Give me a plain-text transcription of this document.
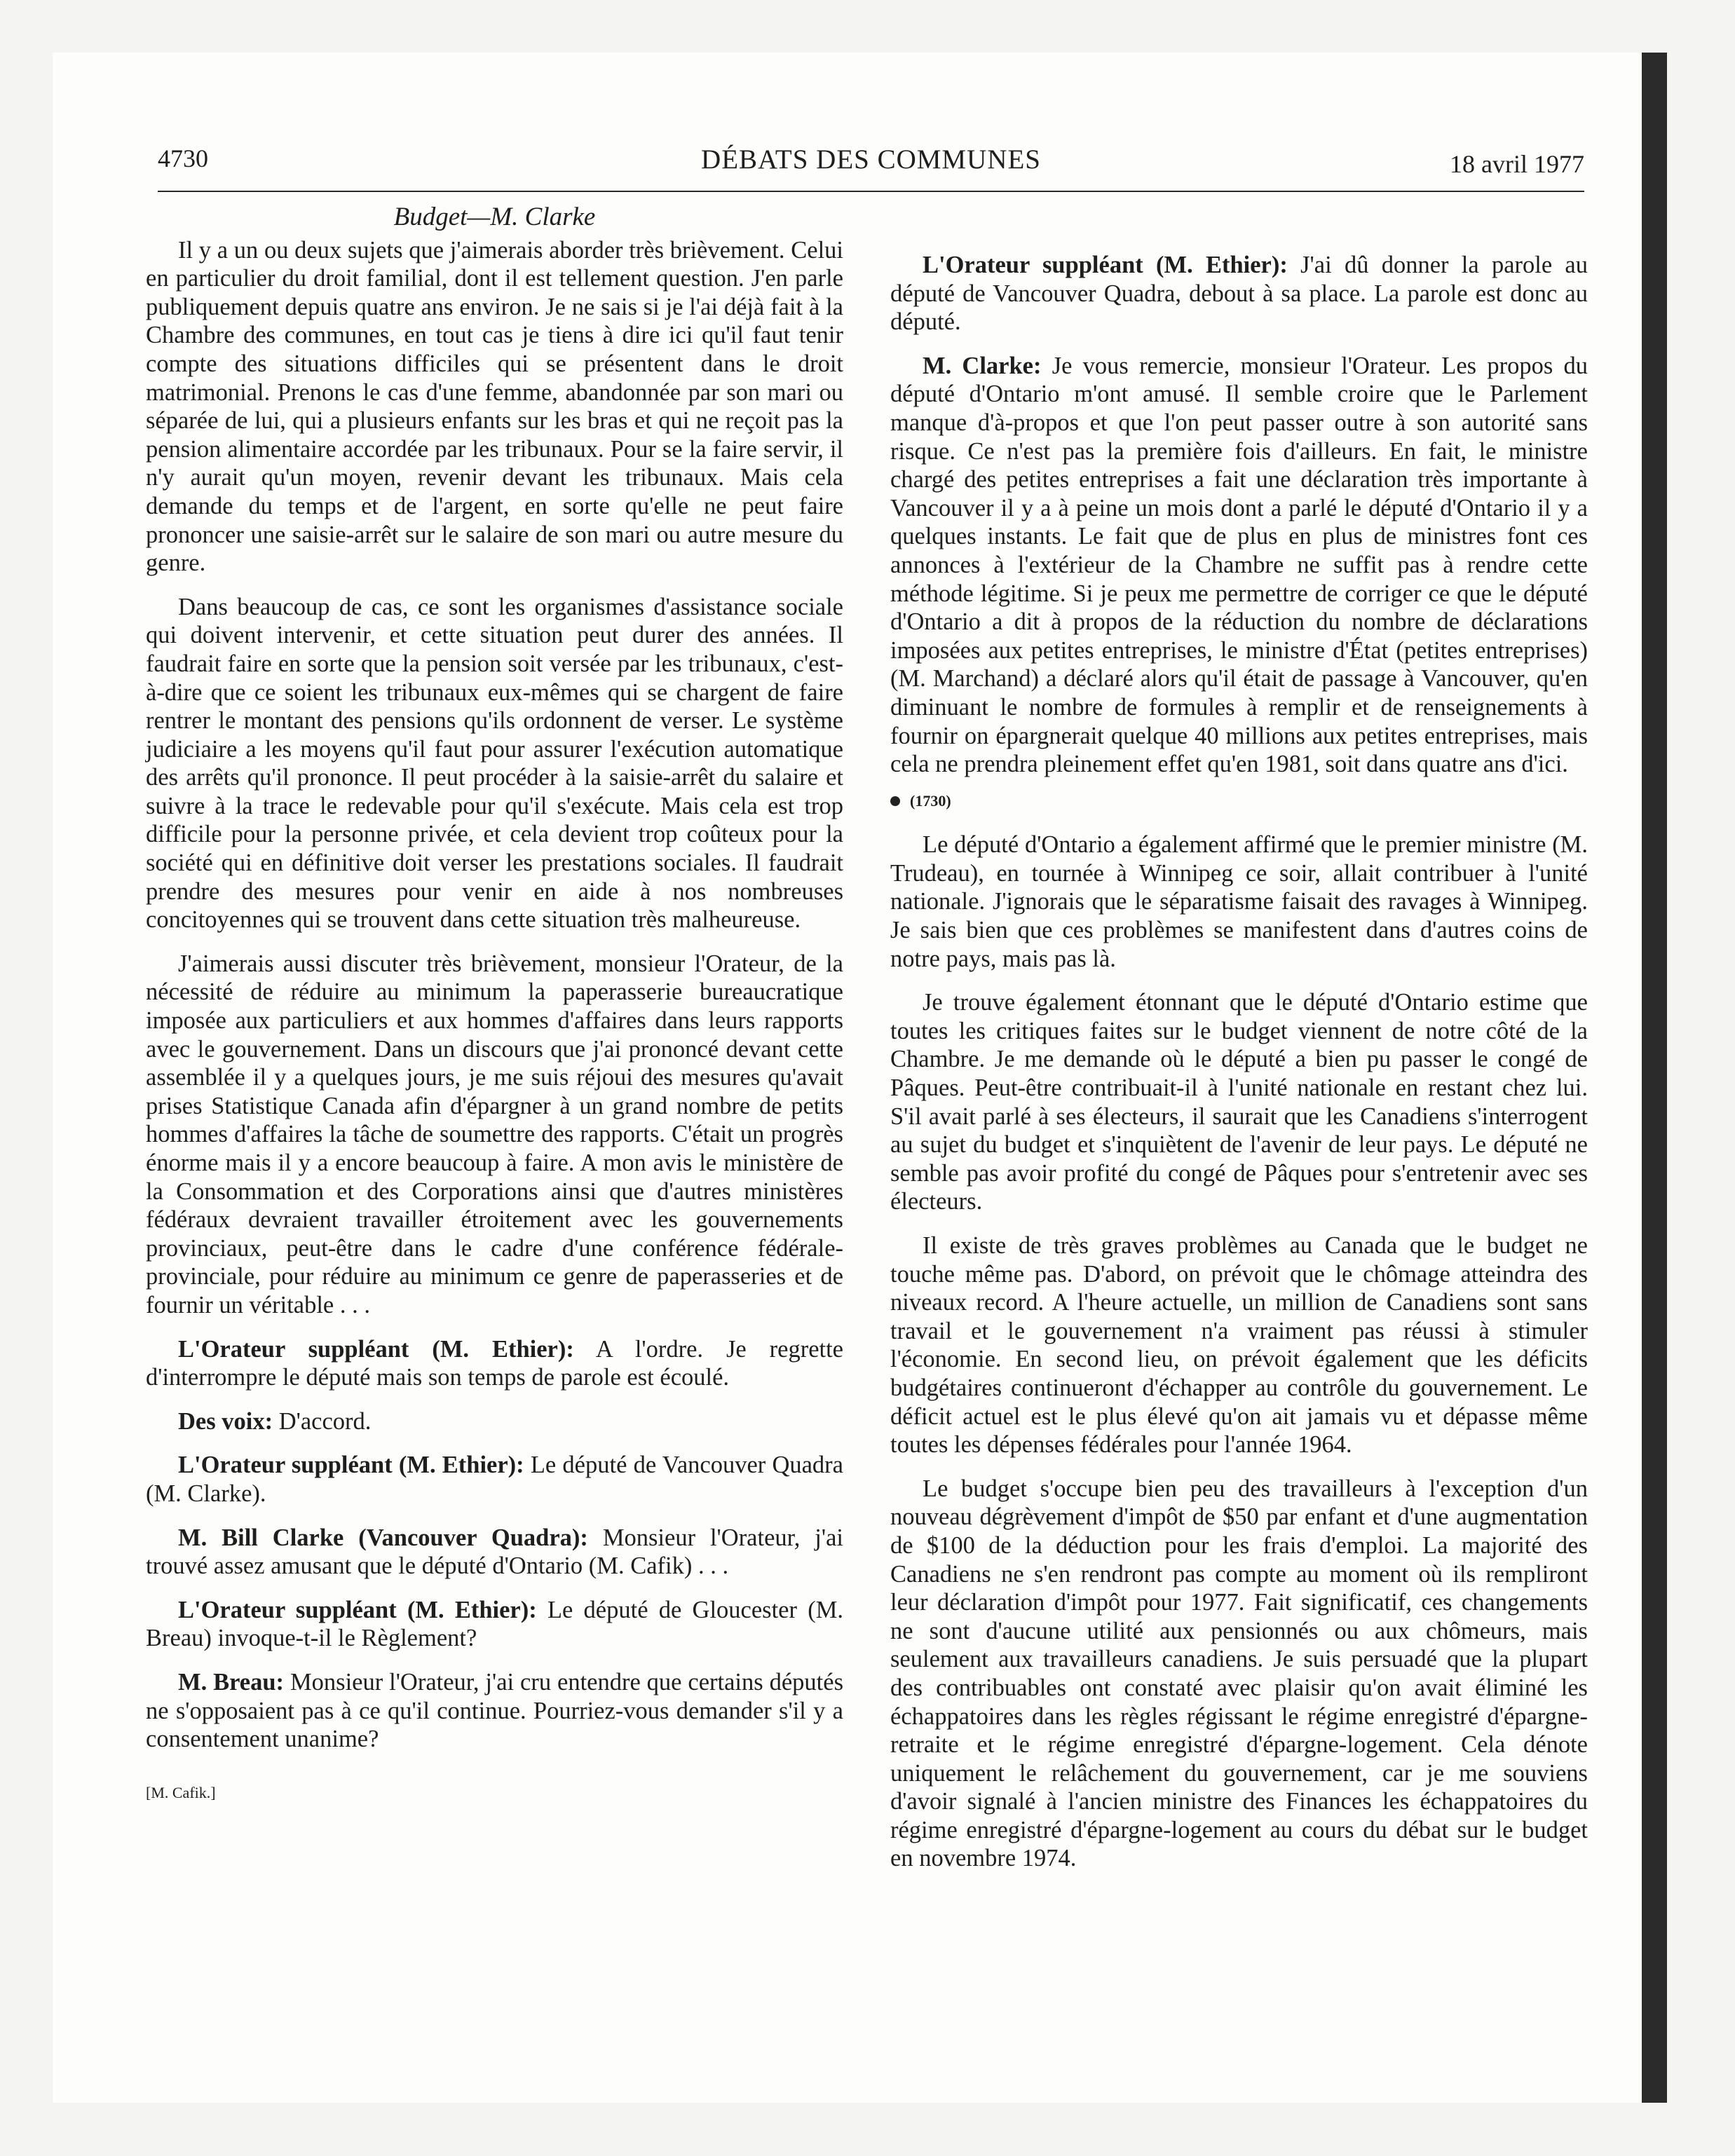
4730	DÉBATS DES COMMUNES	18 avril 1977
Budget—M. Clarke

Il y a un ou deux sujets que j'aimerais aborder très brièvement. Celui en particulier du droit familial, dont il est tellement question. J'en parle publiquement depuis quatre ans environ. Je ne sais si je l'ai déjà fait à la Chambre des communes, en tout cas je tiens à dire ici qu'il faut tenir compte des situations difficiles qui se présentent dans le droit matrimonial. Prenons le cas d'une femme, abandonnée par son mari ou séparée de lui, qui a plusieurs enfants sur les bras et qui ne reçoit pas la pension alimentaire accordée par les tribunaux. Pour se la faire servir, il n'y aurait qu'un moyen, revenir devant les tribunaux. Mais cela demande du temps et de l'argent, en sorte qu'elle ne peut faire prononcer une saisie-arrêt sur le salaire de son mari ou autre mesure du genre.

Dans beaucoup de cas, ce sont les organismes d'assistance sociale qui doivent intervenir, et cette situation peut durer des années. Il faudrait faire en sorte que la pension soit versée par les tribunaux, c'est-à-dire que ce soient les tribunaux eux-mêmes qui se chargent de faire rentrer le montant des pensions qu'ils ordonnent de verser. Le système judiciaire a les moyens qu'il faut pour assurer l'exécution automatique des arrêts qu'il prononce. Il peut procéder à la saisie-arrêt du salaire et suivre à la trace le redevable pour qu'il s'exécute. Mais cela est trop difficile pour la personne privée, et cela devient trop coûteux pour la société qui en définitive doit verser les prestations sociales. Il faudrait prendre des mesures pour venir en aide à nos nombreuses concitoyennes qui se trouvent dans cette situation très malheureuse.

J'aimerais aussi discuter très brièvement, monsieur l'Orateur, de la nécessité de réduire au minimum la paperasserie bureaucratique imposée aux particuliers et aux hommes d'affaires dans leurs rapports avec le gouvernement. Dans un discours que j'ai prononcé devant cette assemblée il y a quelques jours, je me suis réjoui des mesures qu'avait prises Statistique Canada afin d'épargner à un grand nombre de petits hommes d'affaires la tâche de soumettre des rapports. C'était un progrès énorme mais il y a encore beaucoup à faire. A mon avis le ministère de la Consommation et des Corporations ainsi que d'autres ministères fédéraux devraient travailler étroitement avec les gouvernements provinciaux, peut-être dans le cadre d'une conférence fédérale-provinciale, pour réduire au minimum ce genre de paperasseries et de fournir un véritable . . .

L'Orateur suppléant (M. Ethier): A l'ordre. Je regrette d'interrompre le député mais son temps de parole est écoulé.

Des voix: D'accord.

L'Orateur suppléant (M. Ethier): Le député de Vancouver Quadra (M. Clarke).

M. Bill Clarke (Vancouver Quadra): Monsieur l'Orateur, j'ai trouvé assez amusant que le député d'Ontario (M. Cafik) . . .

L'Orateur suppléant (M. Ethier): Le député de Gloucester (M. Breau) invoque-t-il le Règlement?

M. Breau: Monsieur l'Orateur, j'ai cru entendre que certains députés ne s'opposaient pas à ce qu'il continue. Pourriez-vous demander s'il y a consentement unanime?

[M. Cafik.]

L'Orateur suppléant (M. Ethier): J'ai dû donner la parole au député de Vancouver Quadra, debout à sa place. La parole est donc au député.

M. Clarke: Je vous remercie, monsieur l'Orateur. Les propos du député d'Ontario m'ont amusé. Il semble croire que le Parlement manque d'à-propos et que l'on peut passer outre à son autorité sans risque. Ce n'est pas la première fois d'ailleurs. En fait, le ministre chargé des petites entreprises a fait une déclaration très importante à Vancouver il y a à peine un mois dont a parlé le député d'Ontario il y a quelques instants. Le fait que de plus en plus de ministres font ces annonces à l'extérieur de la Chambre ne suffit pas à rendre cette méthode légitime. Si je peux me permettre de corriger ce que le député d'Ontario a dit à propos de la réduction du nombre de déclarations imposées aux petites entreprises, le ministre d'État (petites entreprises) (M. Marchand) a déclaré alors qu'il était de passage à Vancouver, qu'en diminuant le nombre de formules à remplir et de renseignements à fournir on épargnerait quelque 40 millions aux petites entreprises, mais cela ne prendra pleinement effet qu'en 1981, soit dans quatre ans d'ici.

(1730)

Le député d'Ontario a également affirmé que le premier ministre (M. Trudeau), en tournée à Winnipeg ce soir, allait contribuer à l'unité nationale. J'ignorais que le séparatisme faisait des ravages à Winnipeg. Je sais bien que ces problèmes se manifestent dans d'autres coins de notre pays, mais pas là.

Je trouve également étonnant que le député d'Ontario estime que toutes les critiques faites sur le budget viennent de notre côté de la Chambre. Je me demande où le député a bien pu passer le congé de Pâques. Peut-être contribuait-il à l'unité nationale en restant chez lui. S'il avait parlé à ses électeurs, il saurait que les Canadiens s'interrogent au sujet du budget et s'inquiètent de l'avenir de leur pays. Le député ne semble pas avoir profité du congé de Pâques pour s'entretenir avec ses électeurs.

Il existe de très graves problèmes au Canada que le budget ne touche même pas. D'abord, on prévoit que le chômage atteindra des niveaux record. A l'heure actuelle, un million de Canadiens sont sans travail et le gouvernement n'a vraiment pas réussi à stimuler l'économie. En second lieu, on prévoit également que les déficits budgétaires continueront d'échapper au contrôle du gouvernement. Le déficit actuel est le plus élevé qu'on ait jamais vu et dépasse même toutes les dépenses fédérales pour l'année 1964.

Le budget s'occupe bien peu des travailleurs à l'exception d'un nouveau dégrèvement d'impôt de $50 par enfant et d'une augmentation de $100 de la déduction pour les frais d'emploi. La majorité des Canadiens ne s'en rendront pas compte au moment où ils rempliront leur déclaration d'impôt pour 1977. Fait significatif, ces changements ne sont d'aucune utilité aux pensionnés ou aux chômeurs, mais seulement aux travailleurs canadiens. Je suis persuadé que la plupart des contribuables ont constaté avec plaisir qu'on avait éliminé les échappatoires dans les règles régissant le régime enregistré d'épargne-retraite et le régime enregistré d'épargne-logement. Cela dénote uniquement le relâchement du gouvernement, car je me souviens d'avoir signalé à l'ancien ministre des Finances les échappatoires du régime enregistré d'épargne-logement au cours du débat sur le budget en novembre 1974.
